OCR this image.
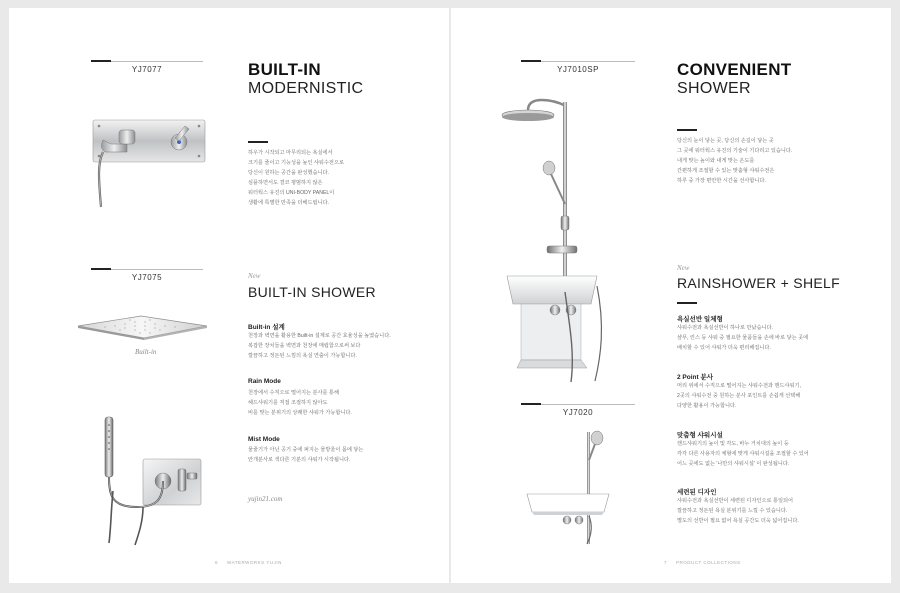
YJ7077	BUILT-IN
MODERNISTIC
하우가 시작되고 마무리되는 욕실에서
크기를 줄이고 기능성을 높인 샤워수전으로
당신이 원하는 공간을 완성했습니다.
심플하면서도 결코 평범하지 않은
워터웍스 유진의 UNI-BODY PANEL이
생활에 특별한 만족을 더해드립니다.
YJ7075
Built-in
New
BUILT-IN SHOWER
Built-in 설계
천장과 벽면을 활용한 Built-in 설계로 공간 효율성을 높였습니다.
복잡한 장치들을 벽면과 천장에 매립함으로써 보다
깔끔하고 정돈된 느낌의 욕실 연출이 가능합니다.
Rain Mode
천장에서 수직으로 떨어지는 분사를 통해
헤드샤워기를 직접 조절하지 않아도
비를 맞는 분위기의 상쾌한 샤워가 가능합니다.
Mist Mode
물줄기가 아닌 공기 중에 퍼지는 물방울이 몸에 닿는
안개분사로 색다른 기분의 샤워가 시작됩니다.
yujin21.com
6 WATERWORKS YUJIN
YJ7010SP
YJ7020
CONVENIENT
SHOWER
당신의 눈이 닿는 곳, 당신의 손길이 닿는 곳
그 곳에 워터웍스 유진의 기술이 기다리고 있습니다.
내게 맞는 높이와 내게 맞는 온도를
간편하게 조절할 수 있는 맞춤형 샤워수전은
하루 중 가장 편안한 시간을 선사합니다.
New
RAINSHOWER + SHELF
욕실선반 일체형
샤워수전과 욕실선반이 하나로 만났습니다.
샴푸, 린스 등 샤워 중 필요한 물품들을 손에 바로 닿는 곳에
배치할 수 있어 샤워가 더욱 편리해집니다.
2 Point 분사
머리 위에서 수직으로 떨어지는 샤워수전과 핸드샤워기,
2곳의 샤워수전 중 원하는 분사 포인트를 손쉽게 선택해
다양한 활용이 가능합니다.
맞춤형 샤워시설
핸드샤워기의 높이 및 각도, 바누 거치대의 높이 등
각각 다른 사용자의 체형에 맞게 샤워시설을 조절할 수 있어
어느 곳에도 없는 '나만의 샤워시설' 이 완성됩니다.
세련된 디자인
샤워수전과 욕실선반이 세련된 디자인으로 통일되어
깔끔하고 정돈된 욕실 분위기를 느낄 수 있습니다.
별도의 선반이 필요 없어 욕실 공간도 더욱 넓어집니다.
7 PRODUCT COLLECTIONS
